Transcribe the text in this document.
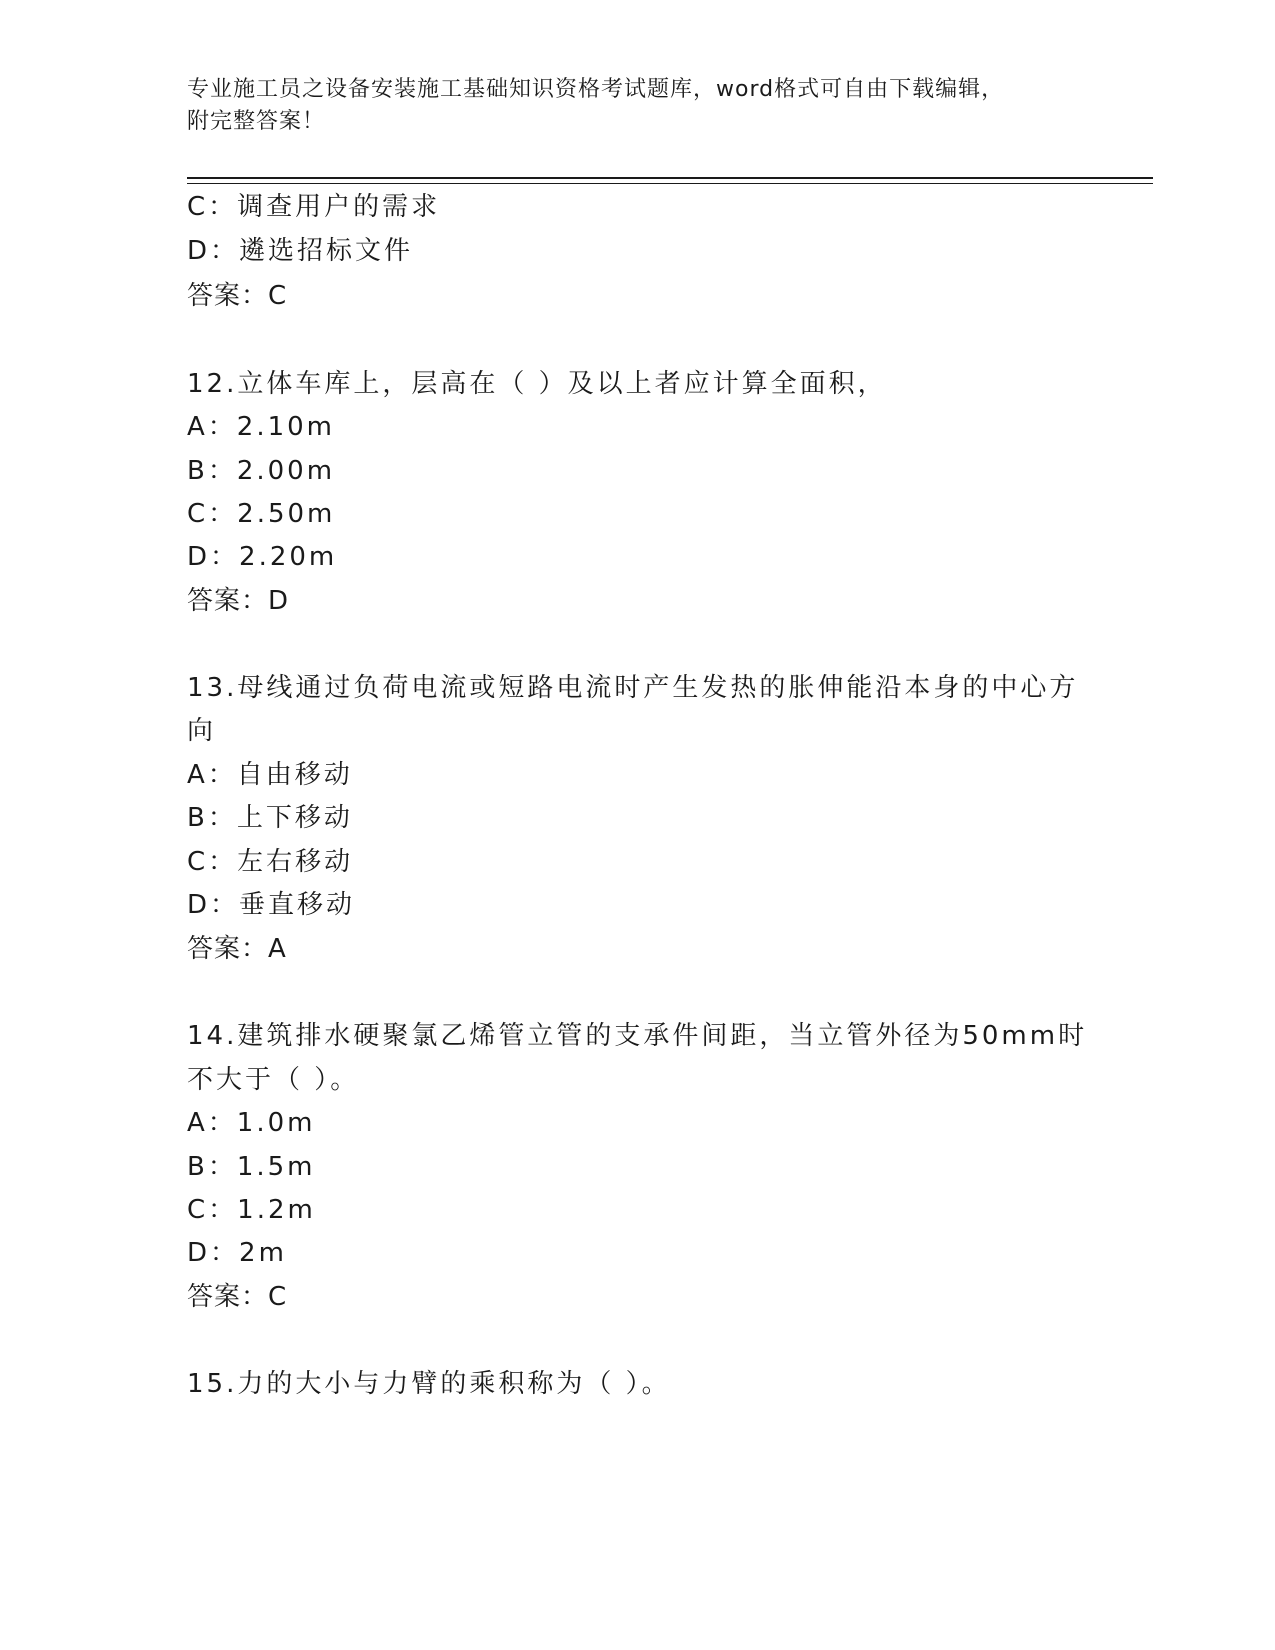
专业施工员之设备安装施工基础知识资格考试题库，word格式可自由下载编辑，
附完整答案！
C：调查用户的需求
D：遴选招标文件
答案：C
12.立体车库上，层高在（ ）及以上者应计算全面积，
A：2.10m
B：2.00m
C：2.50m
D：2.20m
答案：D
13.母线通过负荷电流或短路电流时产生发热的胀伸能沿本身的中心方
向
A：自由移动
B：上下移动
C：左右移动
D：垂直移动
答案：A
14.建筑排水硬聚氯乙烯管立管的支承件间距，当立管外径为50mm时
不大于（ ）。
A：1.0m
B：1.5m
C：1.2m
D：2m
答案：C
15.力的大小与力臂的乘积称为（ ）。
